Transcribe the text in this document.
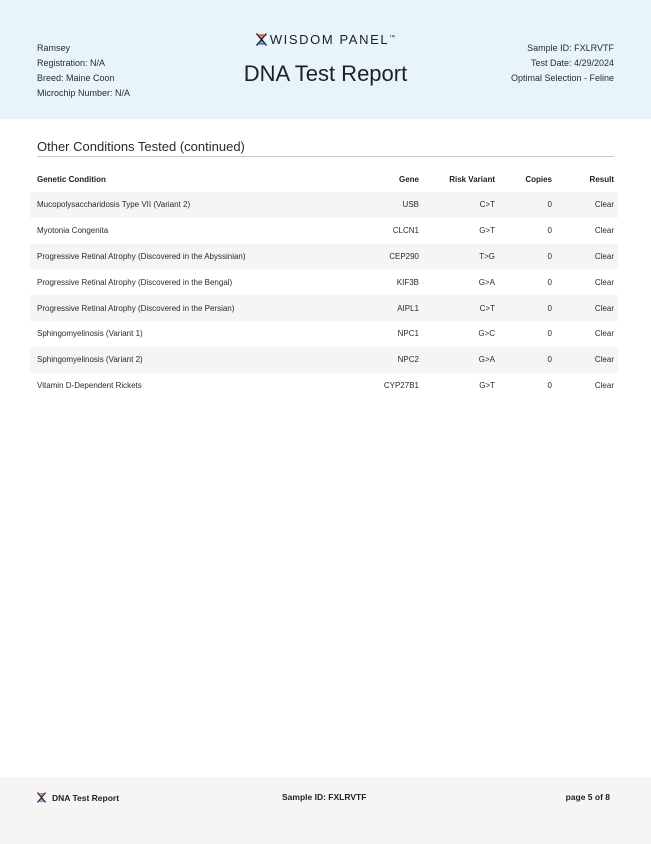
Ramsey
Registration: N/A
Breed: Maine Coon
Microchip Number: N/A
WISDOM PANEL™
DNA Test Report
Sample ID: FXLRVTF
Test Date: 4/29/2024
Optimal Selection - Feline
Other Conditions Tested (continued)
Genetic Condition	Gene	Risk Variant	Copies	Result
Mucopolysaccharidosis Type VII (Variant 2)	USB	C>T	0	Clear
Myotonia Congenita	CLCN1	G>T	0	Clear
Progressive Retinal Atrophy (Discovered in the Abyssinian)	CEP290	T>G	0	Clear
Progressive Retinal Atrophy (Discovered in the Bengal)	KIF3B	G>A	0	Clear
Progressive Retinal Atrophy (Discovered in the Persian)	AIPL1	C>T	0	Clear
Sphingomyelinosis (Variant 1)	NPC1	G>C	0	Clear
Sphingomyelinosis (Variant 2)	NPC2	G>A	0	Clear
Vitamin D-Dependent Rickets	CYP27B1	G>T	0	Clear
DNA Test Report	Sample ID: FXLRVTF	page 5 of 8
